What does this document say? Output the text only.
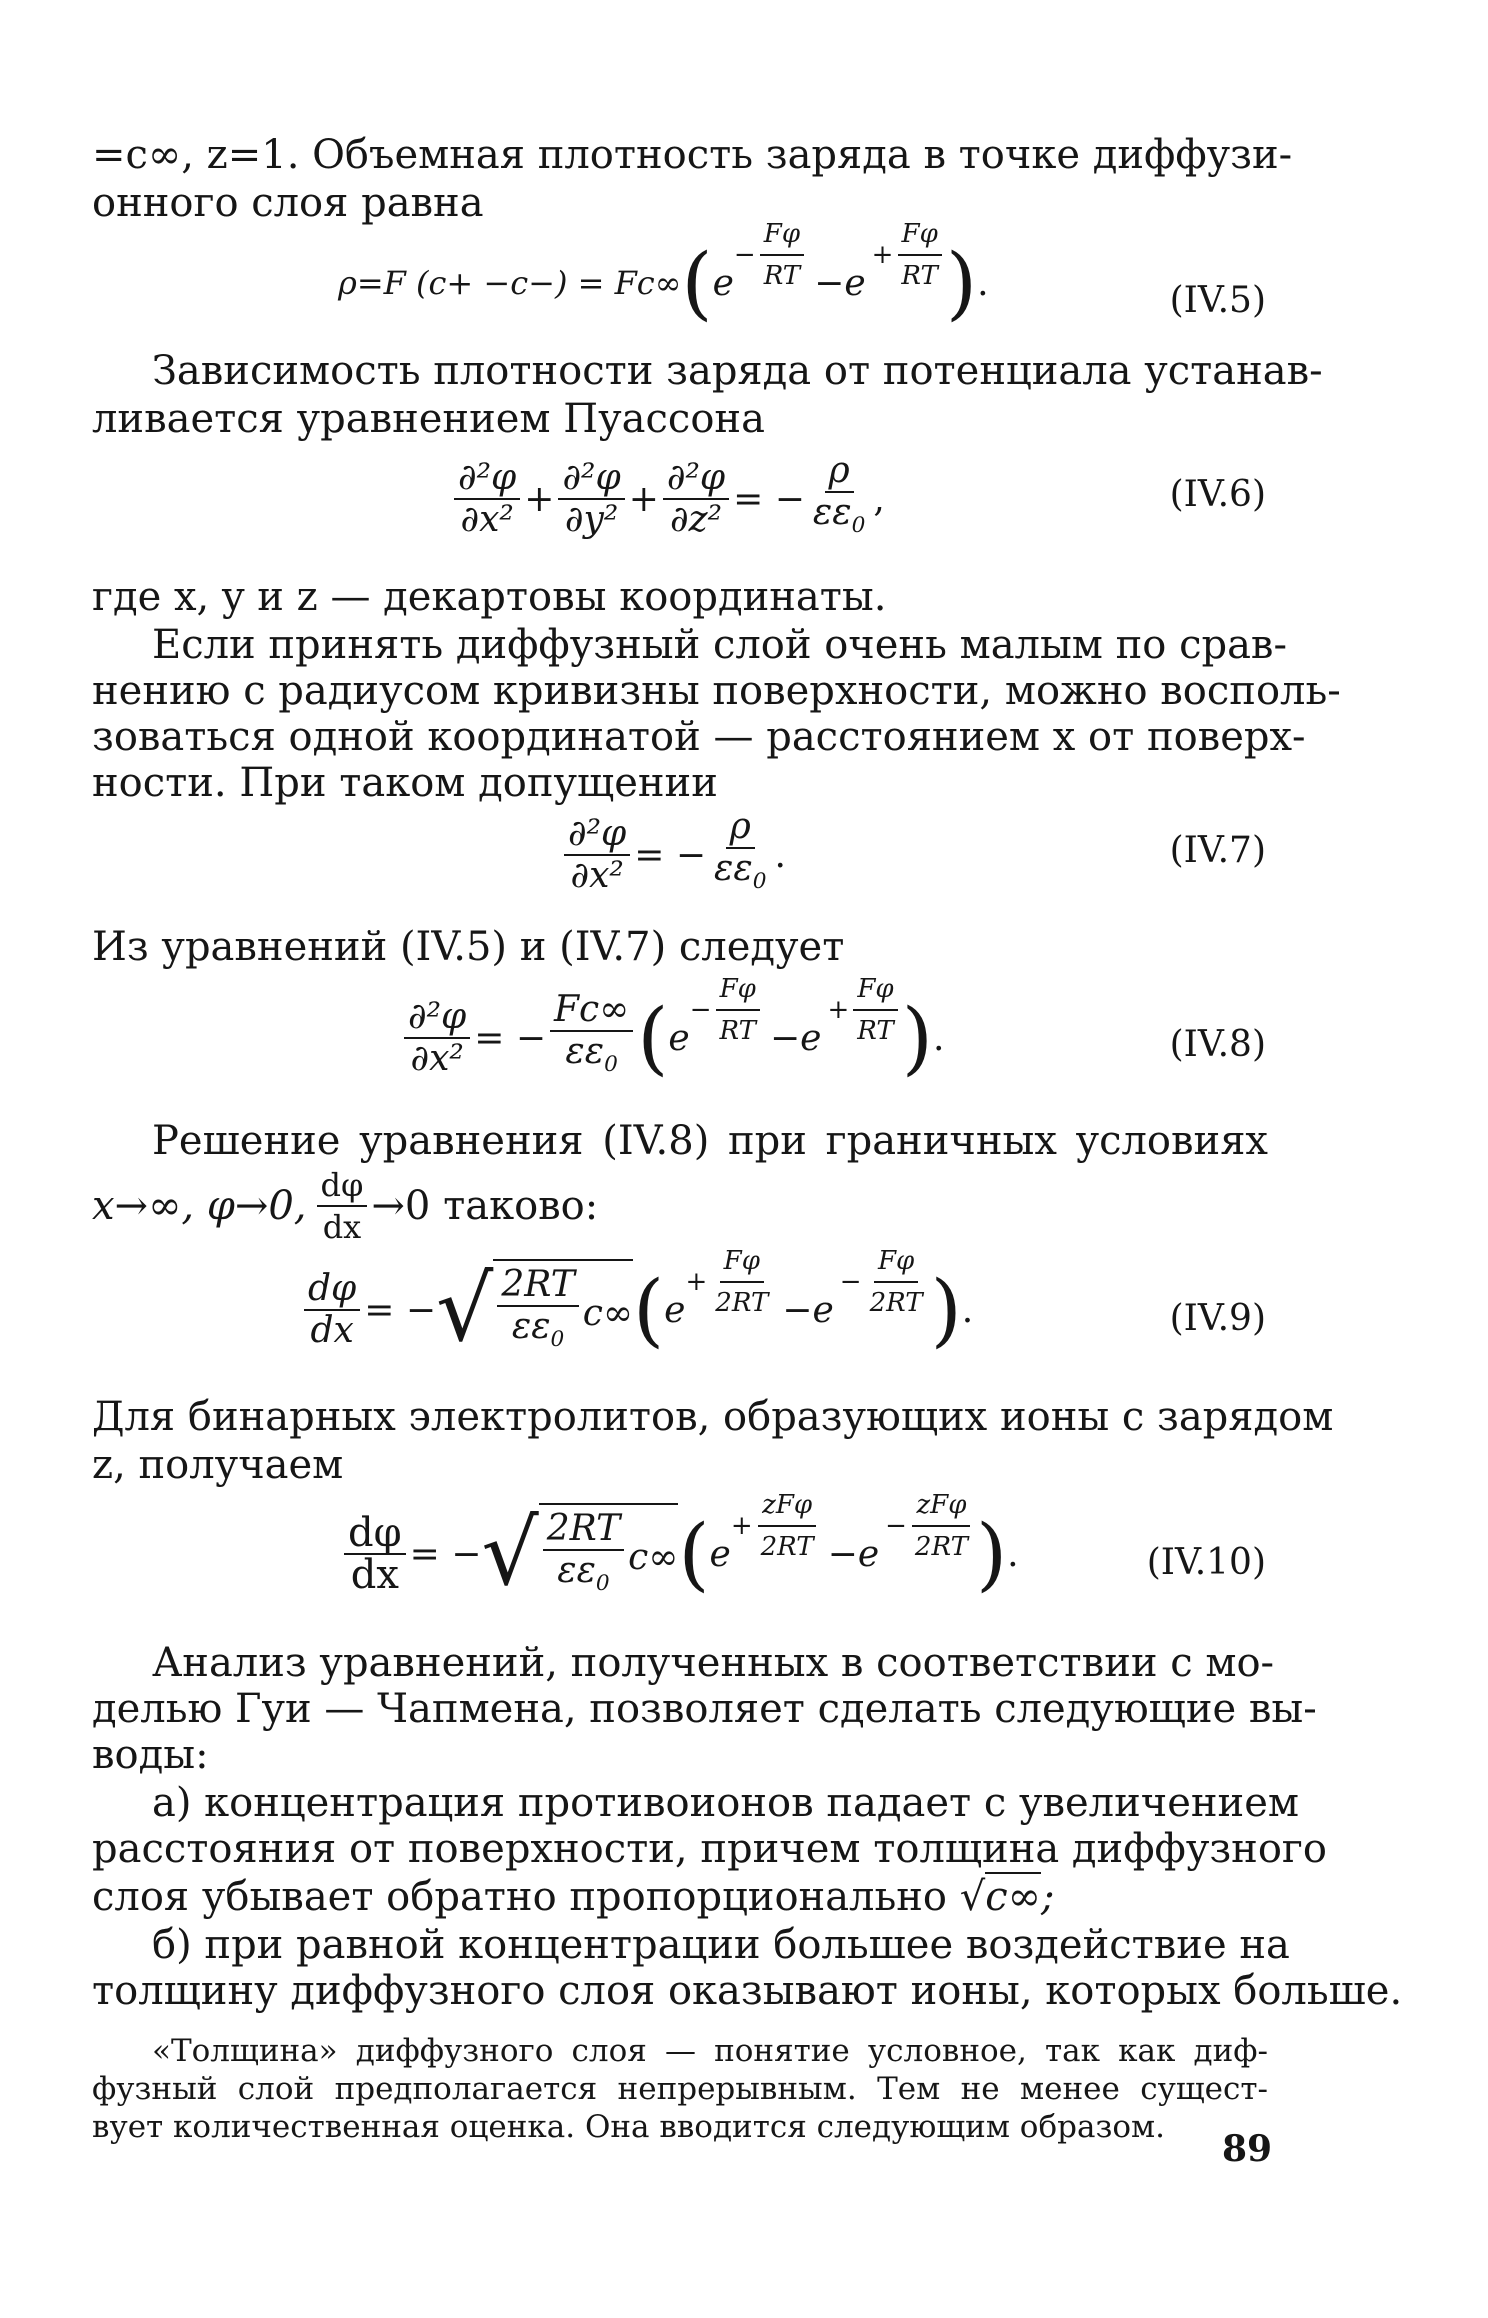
=c∞, z=1. Объемная плотность заряда в точке диффузи-
онного слоя равна
ρ=F (c+ −c−) = Fc∞ ( e
− $\frac{F\varphi}{RT} -e$
+ $\frac{F\varphi}{RT}$ ) .	(IV.5)
Зависимость плотности заряда от потенциала устанав-
ливается уравнением Пуассона
$\frac{\text{∂²φ}}{\text{∂x²}} + \frac{\text{∂²φ}}{\text{∂y²}} + \frac{\text{∂²φ}}{\text{∂z²}}$ = − $\frac{\rho}{\varepsilon\varepsilon_0}$ ,	(IV.6)
где x, y и z — декартовы координаты.
Если принять диффузный слой очень малым по срав-
нению с радиусом кривизны поверхности, можно восполь-
зоваться одной координатой — расстоянием x от поверх-
ности. При таком допущении
$\frac{\text{∂²φ}}{\text{∂x²}}$ = − $\frac{\rho}{\varepsilon\varepsilon_0}$ .	(IV.7)
Из уравнений (IV.5) и (IV.7) следует
$\frac{\text{∂²φ}}{\text{∂x²}}$ = − $\frac{Fc\infty}{\varepsilon\varepsilon_0}$ ( e
− $\frac{F\varphi}{RT} -e$
+ $\frac{F\varphi}{RT}$ ) .	(IV.8)
Решение уравнения (IV.8) при граничных условиях
x→∞, φ→0, $\frac{d\varphi}{dx} \to 0$ таково:
$\frac{d\varphi}{dx}$ = − √ $\frac{2RT}{\varepsilon\varepsilon_0} c\infty$ ( e
+ $\frac{F\varphi}{2RT} -e$
− $\frac{F\varphi}{2RT}$ ) .	(IV.9)
Для бинарных электролитов, образующих ионы с зарядом
z, получаем
$\frac{d\varphi}{dx}$ = − √ $\frac{2RT}{\varepsilon\varepsilon_0} c\infty$ ( e
+ $\frac{\text{zFφ}}{2RT} -e$
− $\frac{\text{zFφ}}{2RT}$ ) .	(IV.10)
Анализ уравнений, полученных в соответствии с мо-
делью Гуи — Чапмена, позволяет сделать следующие вы-
воды:
а) концентрация противоионов падает с увеличением
расстояния от поверхности, причем толщина диффузного
слоя убывает обратно пропорционально √c∞;
б) при равной концентрации большее воздействие на
толщину диффузного слоя оказывают ионы, которых больше.
«Толщина» диффузного слоя — понятие условное, так как диф-
фузный слой предполагается непрерывным. Тем не менее сущест-
вует количественная оценка. Она вводится следующим образом.
89
